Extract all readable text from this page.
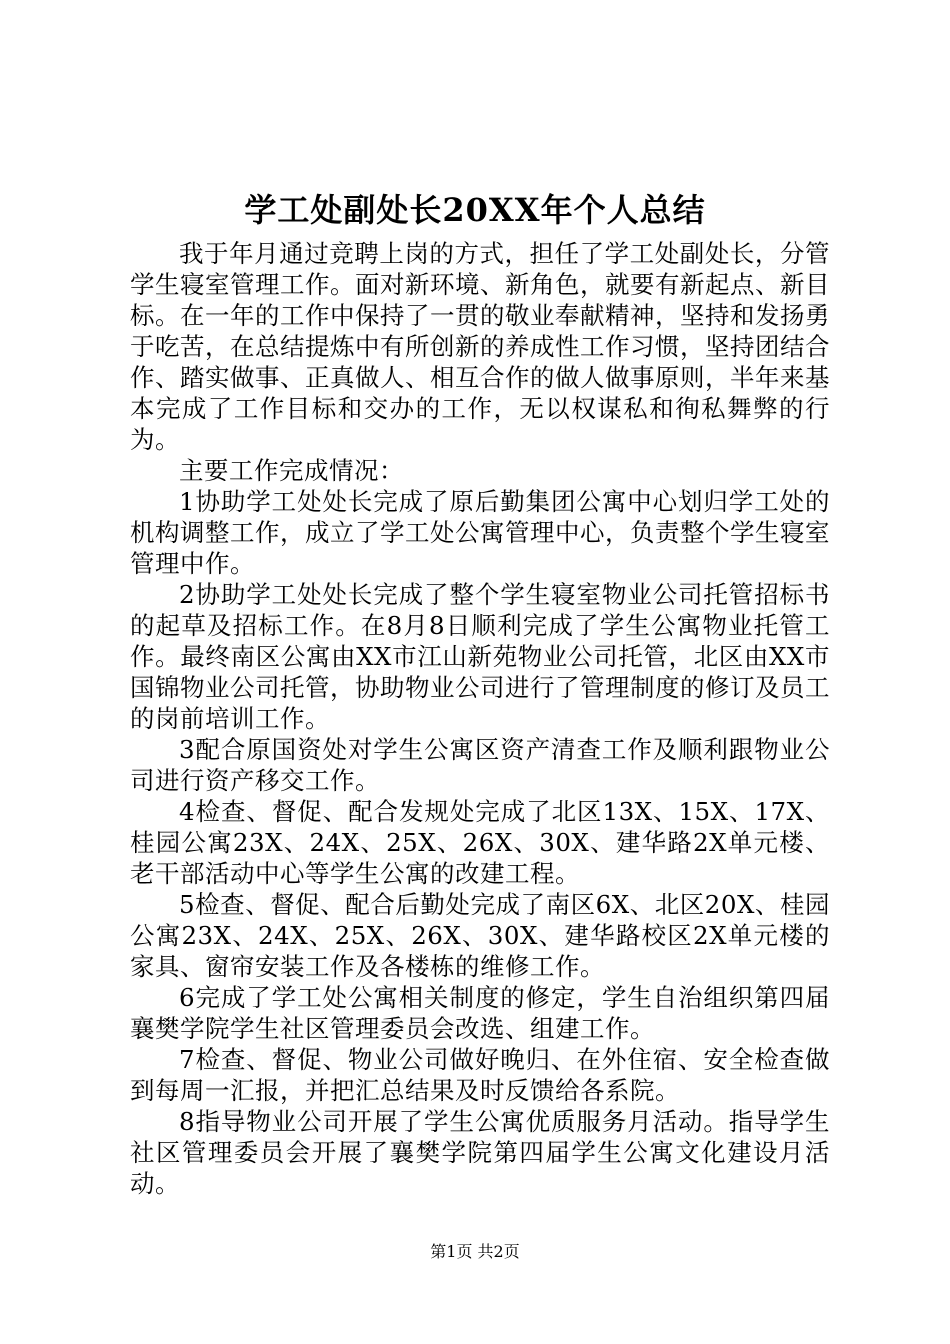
学工处副处长20XX年个人总结

我于年月通过竞聘上岗的方式，担任了学工处副处长，分管学生寝室管理工作。面对新环境、新角色，就要有新起点、新目标。在一年的工作中保持了一贯的敬业奉献精神，坚持和发扬勇于吃苦，在总结提炼中有所创新的养成性工作习惯，坚持团结合作、踏实做事、正真做人、相互合作的做人做事原则，半年来基本完成了工作目标和交办的工作，无以权谋私和徇私舞弊的行为。

主要工作完成情况：

1协助学工处处长完成了原后勤集团公寓中心划归学工处的机构调整工作，成立了学工处公寓管理中心，负责整个学生寝室管理中作。

2协助学工处处长完成了整个学生寝室物业公司托管招标书的起草及招标工作。在8月8日顺利完成了学生公寓物业托管工作。最终南区公寓由XX市江山新苑物业公司托管，北区由XX市国锦物业公司托管，协助物业公司进行了管理制度的修订及员工的岗前培训工作。

3配合原国资处对学生公寓区资产清查工作及顺利跟物业公司进行资产移交工作。

4检查、督促、配合发规处完成了北区13X、15X、17X、桂园公寓23X、24X、25X、26X、30X、建华路2X单元楼、老干部活动中心等学生公寓的改建工程。

5检查、督促、配合后勤处完成了南区6X、北区20X、桂园公寓23X、24X、25X、26X、30X、建华路校区2X单元楼的家具、窗帘安装工作及各楼栋的维修工作。

6完成了学工处公寓相关制度的修定，学生自治组织第四届襄樊学院学生社区管理委员会改选、组建工作。

7检查、督促、物业公司做好晚归、在外住宿、安全检查做到每周一汇报，并把汇总结果及时反馈给各系院。

8指导物业公司开展了学生公寓优质服务月活动。指导学生社区管理委员会开展了襄樊学院第四届学生公寓文化建设月活动。

第1页 共2页
